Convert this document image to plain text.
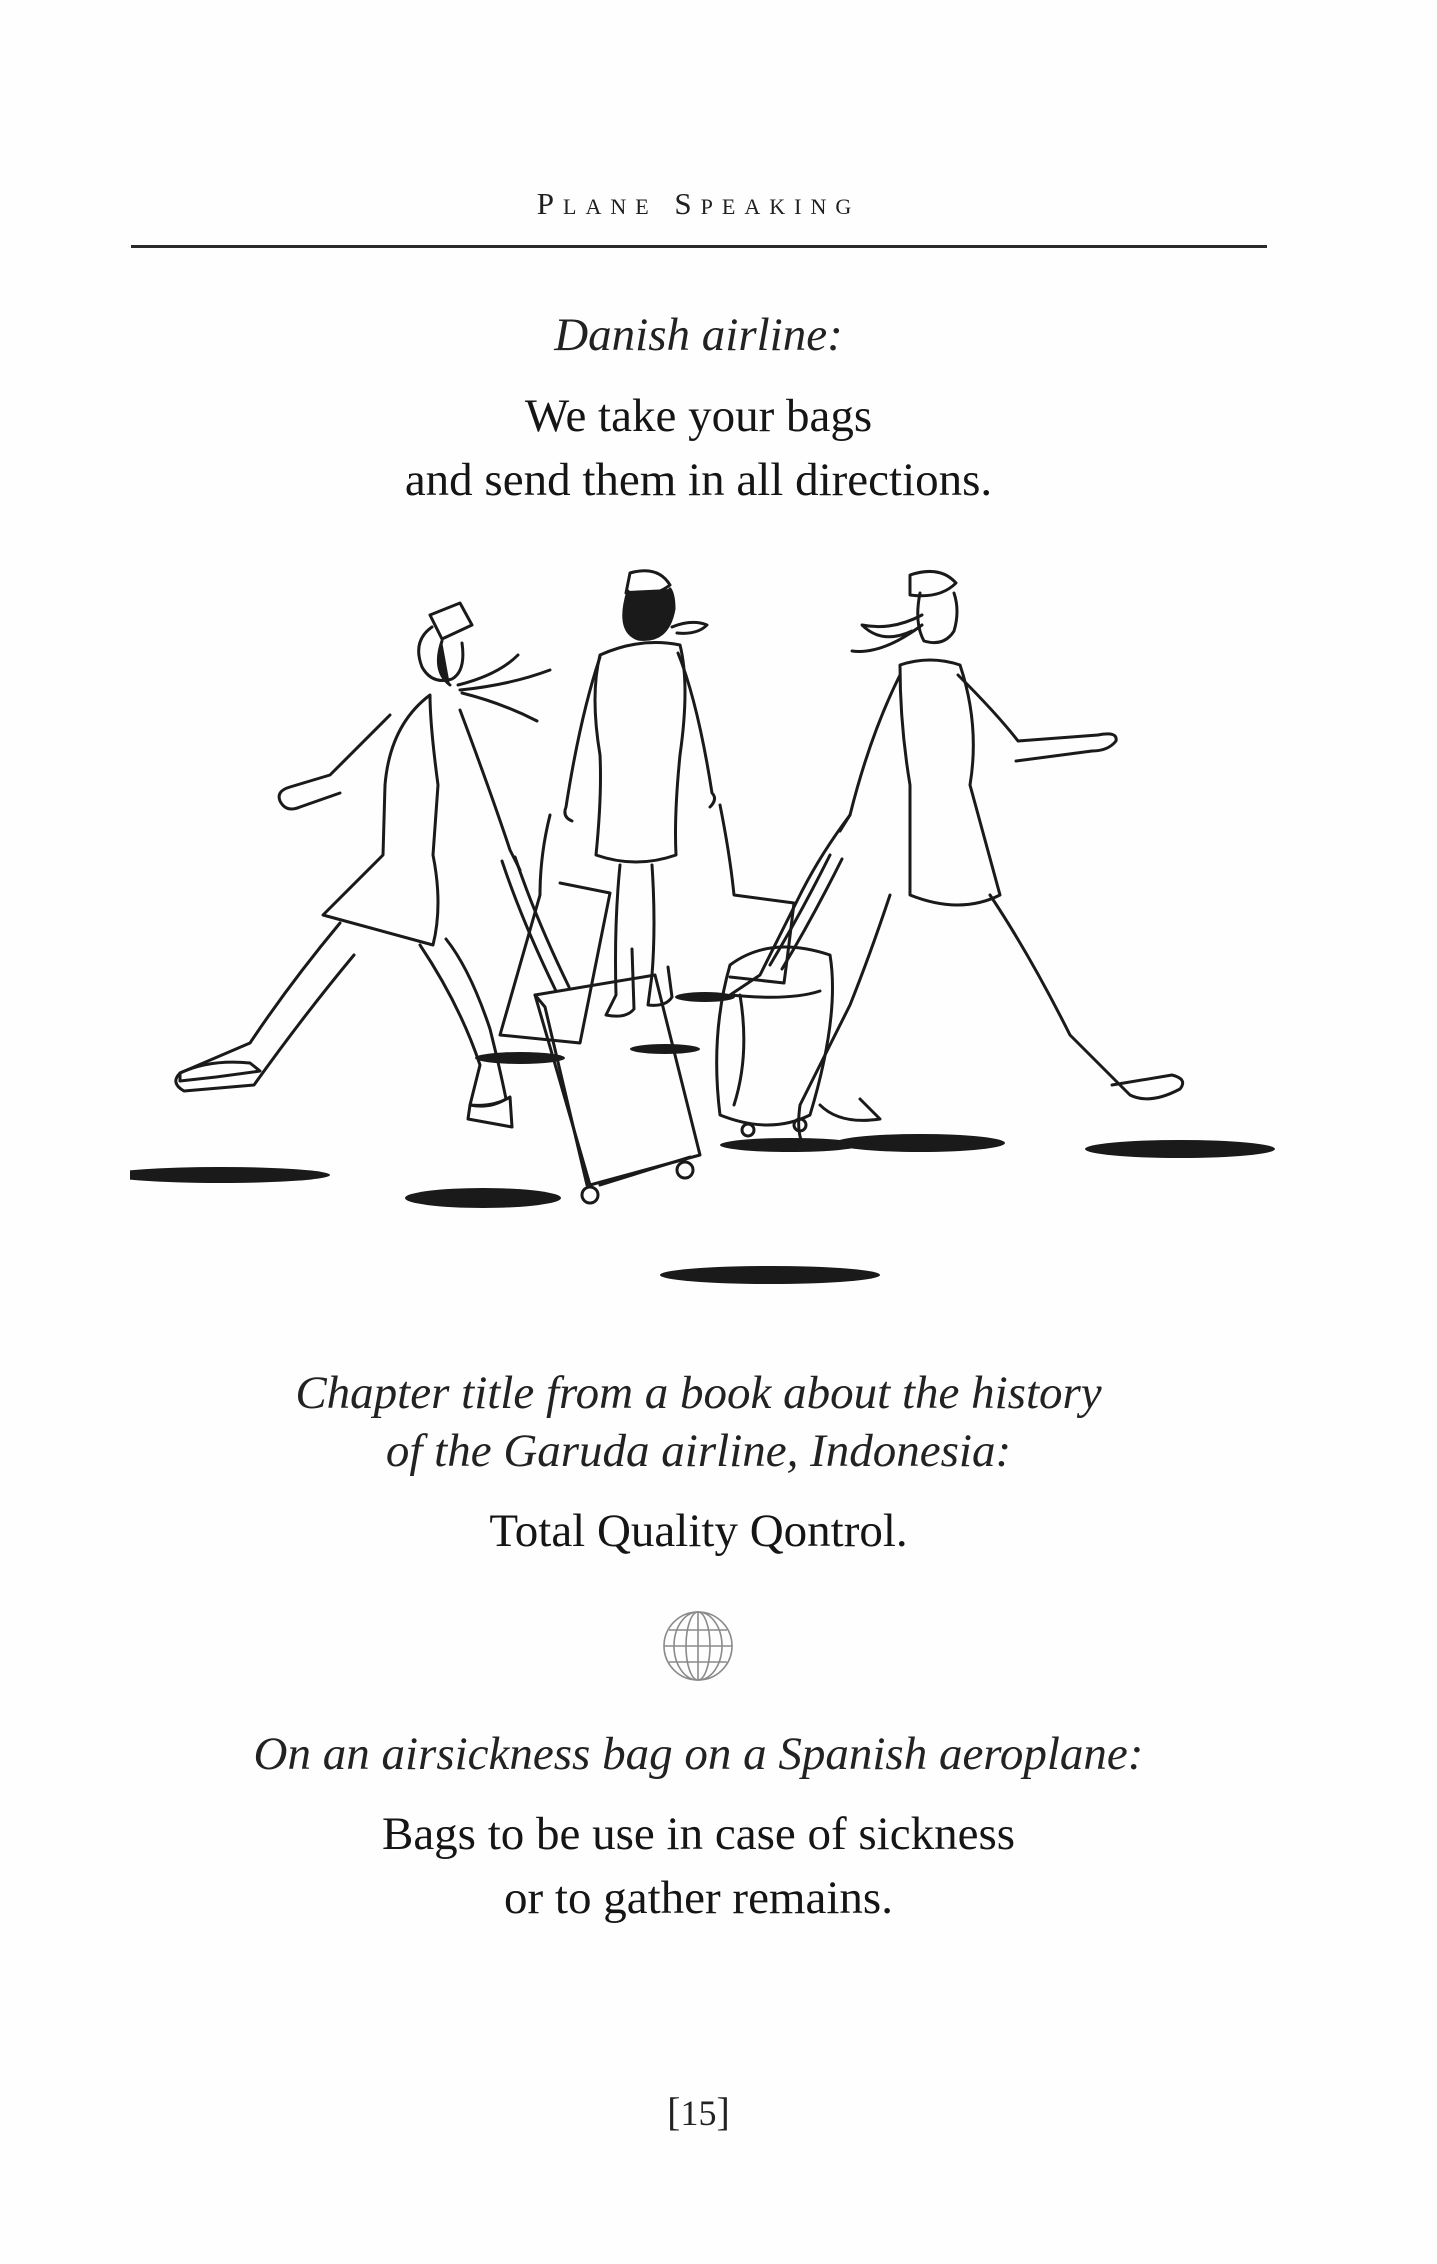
Plane Speaking
Danish airline:
We take your bags
and send them in all directions.
Chapter title from a book about the history
of the Garuda airline, Indonesia:
Total Quality Qontrol.
On an airsickness bag on a Spanish aeroplane:
Bags to be use in case of sickness
or to gather remains.
[15]
